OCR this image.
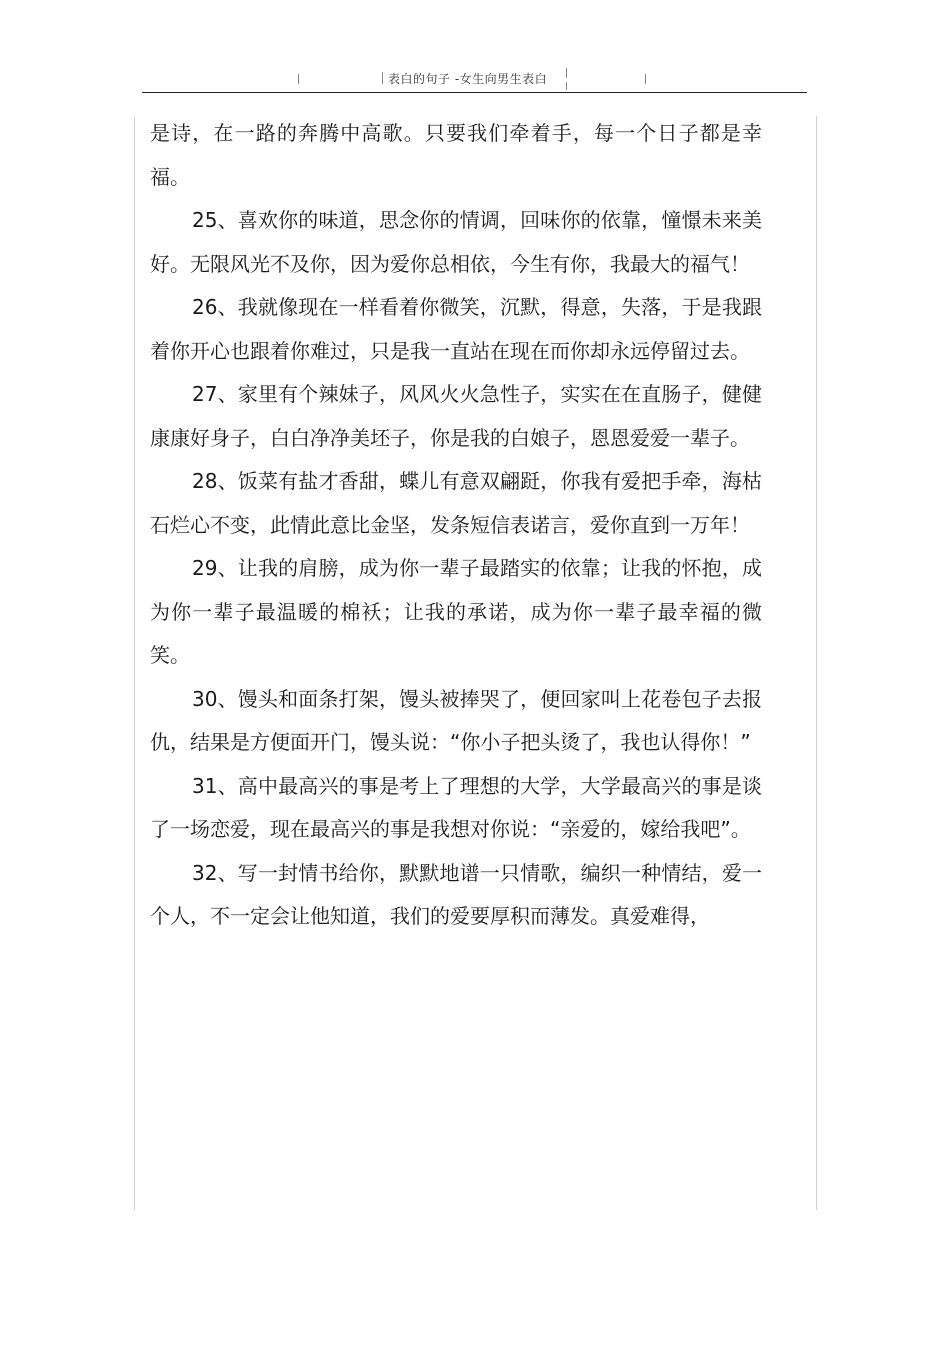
表白的句子 -女生向男生表白

是诗，在一路的奔腾中高歌。只要我们牵着手，每一个日子都是幸福。

25、喜欢你的味道，思念你的情调，回味你的依靠，憧憬未来美好。无限风光不及你，因为爱你总相依，今生有你，我最大的福气！

26、我就像现在一样看着你微笑，沉默，得意，失落，于是我跟着你开心也跟着你难过，只是我一直站在现在而你却永远停留过去。

27、家里有个辣妹子，风风火火急性子，实实在在直肠子，健健康康好身子，白白净净美坯子，你是我的白娘子，恩恩爱爱一辈子。

28、饭菜有盐才香甜，蝶儿有意双翩跹，你我有爱把手牵，海枯石烂心不变，此情此意比金坚，发条短信表诺言，爱你直到一万年！

29、让我的肩膀，成为你一辈子最踏实的依靠；让我的怀抱，成为你一辈子最温暖的棉袄；让我的承诺，成为你一辈子最幸福的微笑。

30、馒头和面条打架，馒头被捧哭了，便回家叫上花卷包子去报仇，结果是方便面开门，馒头说：“你小子把头烫了，我也认得你！”

31、高中最高兴的事是考上了理想的大学，大学最高兴的事是谈了一场恋爱，现在最高兴的事是我想对你说：“亲爱的，嫁给我吧”。

32、写一封情书给你，默默地谱一只情歌，编织一种情结，爱一个人，不一定会让他知道，我们的爱要厚积而薄发。真爱难得，
